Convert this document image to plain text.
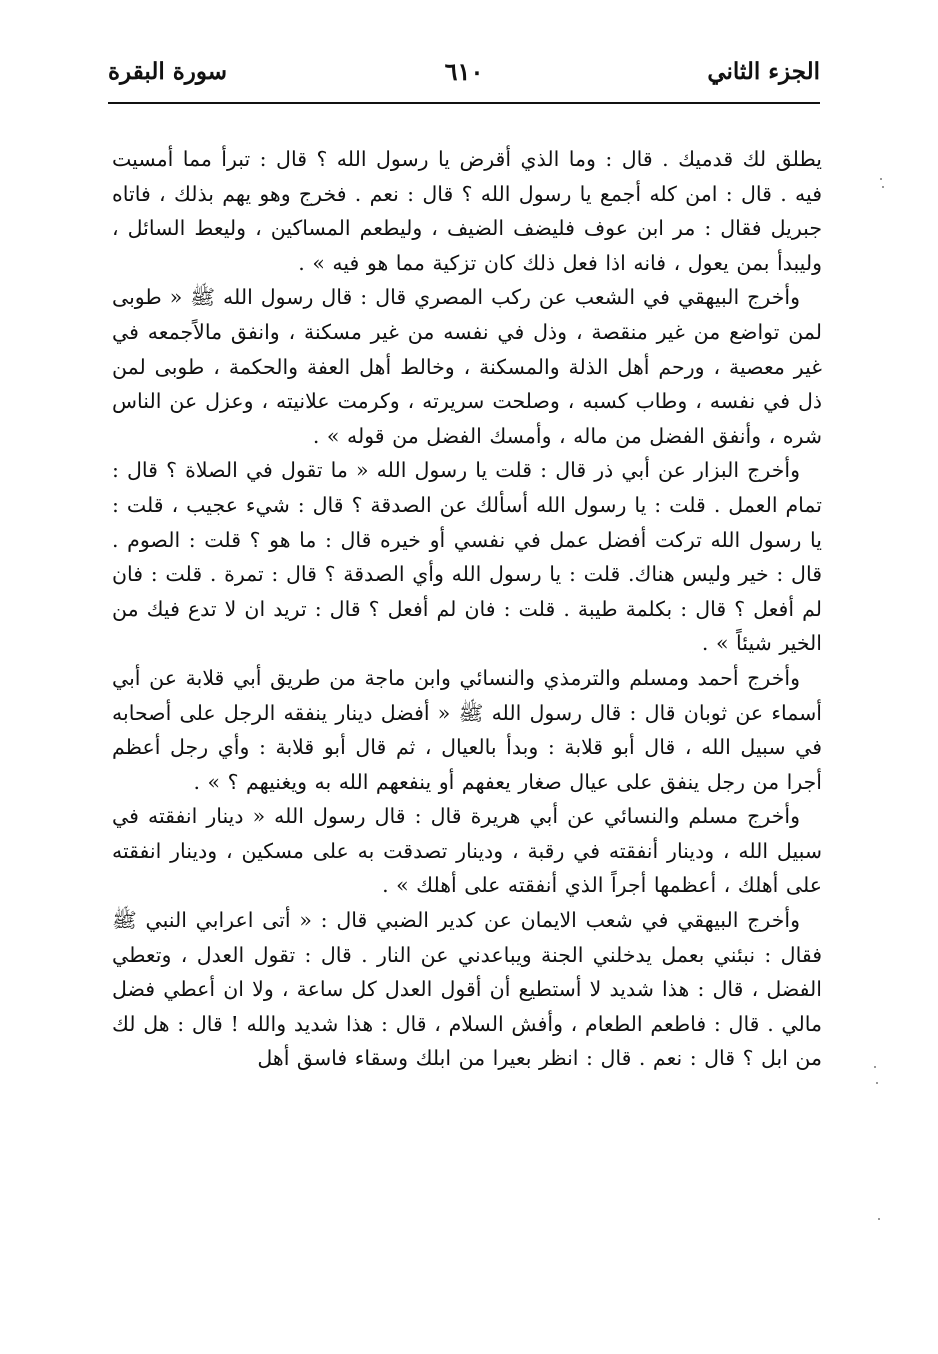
الجزء الثاني
٦١٠
سورة البقرة

يطلق لك قدميك . قال : وما الذي أقرض يا رسول الله ؟ قال : تبرأ مما أمسيت فيه . قال : امن كله أجمع يا رسول الله ؟ قال : نعم . فخرج وهو يهم بذلك ، فاتاه جبريل فقال : مر ابن عوف فليضف الضيف ، وليطعم المساكين ، وليعط السائل ، وليبدأ بمن يعول ، فانه اذا فعل ذلك كان تزكية مما هو فيه » .

وأخرج البيهقي في الشعب عن ركب المصري قال : قال رسول الله ﷺ « طوبى لمن تواضع من غير منقصة ، وذل في نفسه من غير مسكنة ، وانفق مالاًجمعه في غير معصية ، ورحم أهل الذلة والمسكنة ، وخالط أهل العفة والحكمة ، طوبى لمن ذل في نفسه ، وطاب كسبه ، وصلحت سريرته ، وكرمت علانيته ، وعزل عن الناس شره ، وأنفق الفضل من ماله ، وأمسك الفضل من قوله » .

وأخرج البزار عن أبي ذر قال : قلت يا رسول الله « ما تقول في الصلاة ؟ قال : تمام العمل . قلت : يا رسول الله أسألك عن الصدقة ؟ قال : شيء عجيب ، قلت : يا رسول الله تركت أفضل عمل في نفسي أو خيره قال : ما هو ؟ قلت : الصوم . قال : خير وليس هناك. قلت : يا رسول الله وأي الصدقة ؟ قال : تمرة . قلت : فان لم أفعل ؟ قال : بكلمة طيبة . قلت : فان لم أفعل ؟ قال : تريد ان لا تدع فيك من الخير شيئاً » .

وأخرج أحمد ومسلم والترمذي والنسائي وابن ماجة من طريق أبي قلابة عن أبي أسماء عن ثوبان قال : قال رسول الله ﷺ « أفضل دينار ينفقه الرجل على أصحابه في سبيل الله ، قال أبو قلابة : وبدأ بالعيال ، ثم قال أبو قلابة : وأي رجل أعظم أجرا من رجل ينفق على عيال صغار يعفهم أو ينفعهم الله به ويغنيهم ؟ » .

وأخرج مسلم والنسائي عن أبي هريرة قال : قال رسول الله « دينار انفقته في سبيل الله ، ودينار أنفقته في رقبة ، ودينار تصدقت به على مسكين ، ودينار انفقته على أهلك ، أعظمها أجراً الذي أنفقته على أهلك » .

وأخرج البيهقي في شعب الايمان عن كدير الضبي قال : « أتى اعرابي النبي ﷺ فقال : نبئني بعمل يدخلني الجنة ويباعدني عن النار . قال : تقول العدل ، وتعطي الفضل ، قال : هذا شديد لا أستطيع أن أقول العدل كل ساعة ، ولا ان أعطي فضل مالي . قال : فاطعم الطعام ، وأفش السلام ، قال : هذا شديد والله ! قال : هل لك من ابل ؟ قال : نعم . قال : انظر بعيرا من ابلك وسقاء فاسق أهل
